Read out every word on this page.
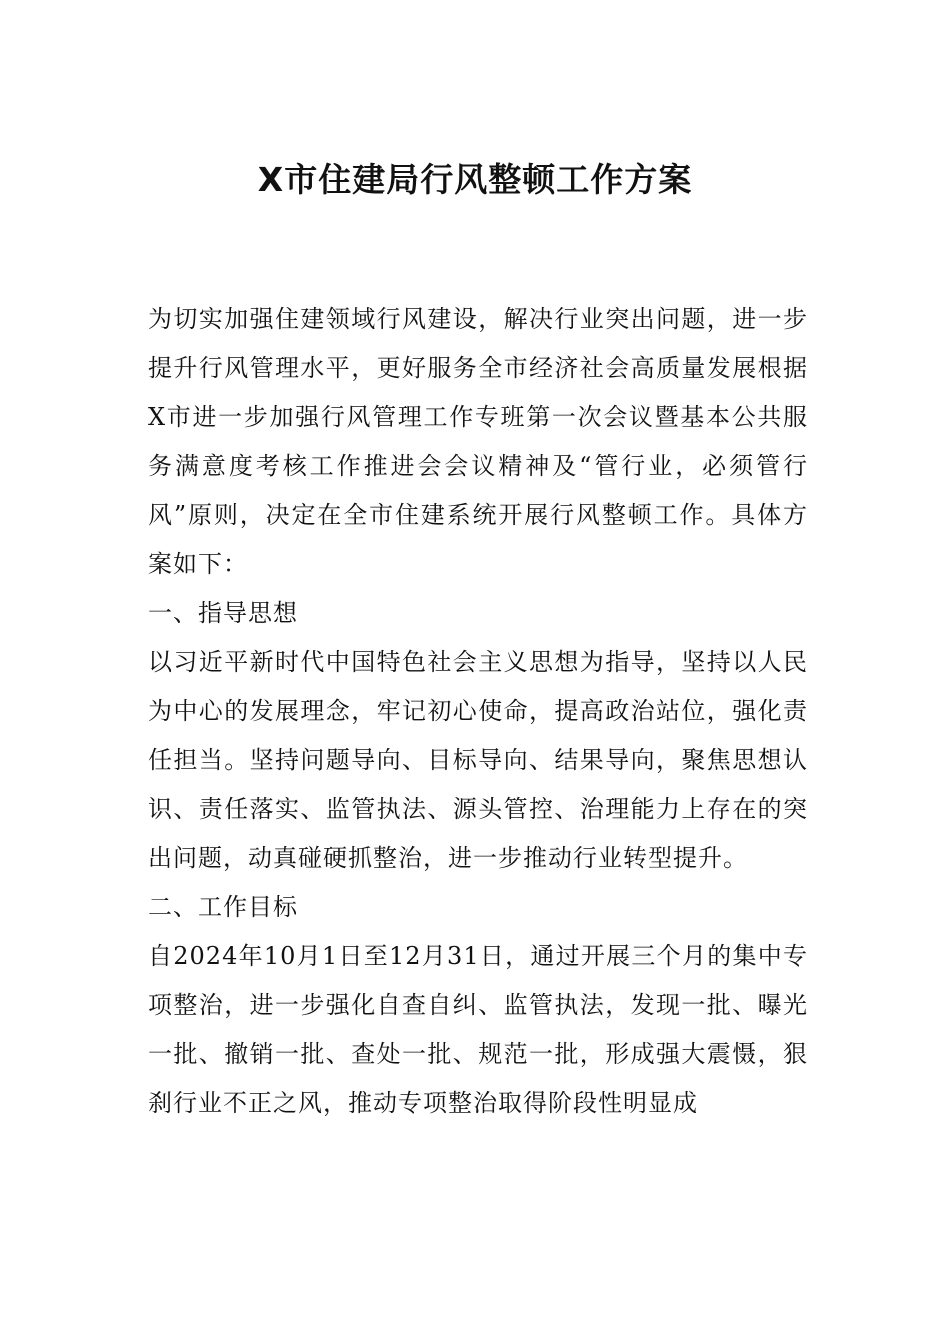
X市住建局行风整顿工作方案

为切实加强住建领域行风建设，解决行业突出问题，进一步提升行风管理水平，更好服务全市经济社会高质量发展根据X市进一步加强行风管理工作专班第一次会议暨基本公共服务满意度考核工作推进会会议精神及“管行业，必须管行风”原则，决定在全市住建系统开展行风整顿工作。具体方案如下：

一、指导思想

以习近平新时代中国特色社会主义思想为指导，坚持以人民为中心的发展理念，牢记初心使命，提高政治站位，强化责任担当。坚持问题导向、目标导向、结果导向，聚焦思想认识、责任落实、监管执法、源头管控、治理能力上存在的突出问题，动真碰硬抓整治，进一步推动行业转型提升。

二、工作目标

自2024年10月1日至12月31日，通过开展三个月的集中专项整治，进一步强化自查自纠、监管执法，发现一批、曝光一批、撤销一批、查处一批、规范一批，形成强大震慑，狠刹行业不正之风，推动专项整治取得阶段性明显成
